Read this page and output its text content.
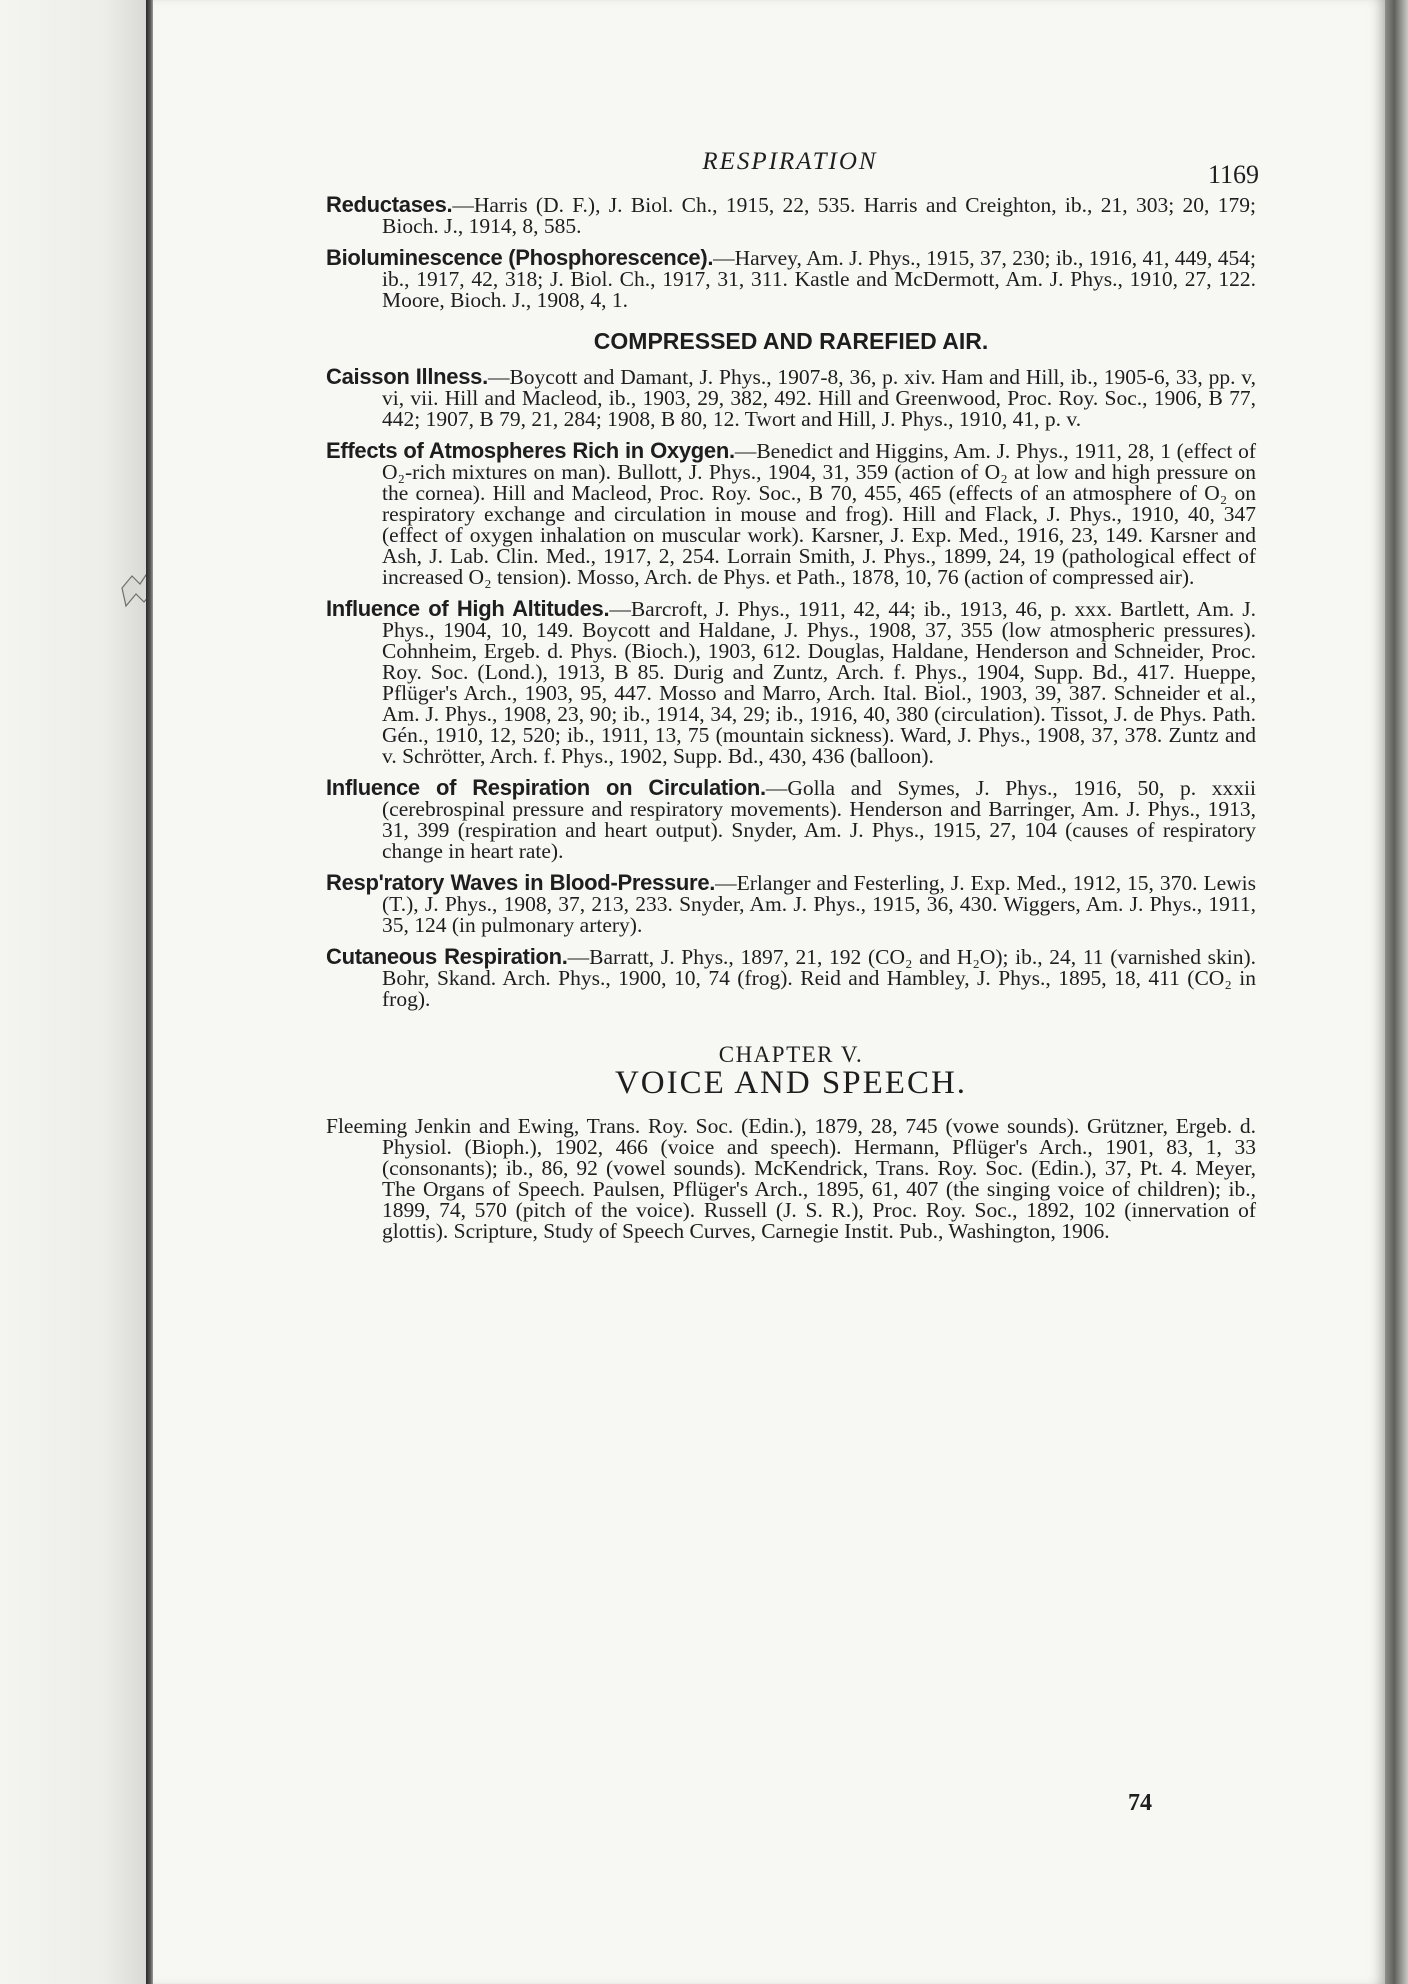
RESPIRATION	1169

Reductases.—Harris (D. F.), J. Biol. Ch., 1915, 22, 535. Harris and Creighton, ib., 21, 303; 20, 179; Bioch. J., 1914, 8, 585.

Bioluminescence (Phosphorescence).—Harvey, Am. J. Phys., 1915, 37, 230; ib., 1916, 41, 449, 454; ib., 1917, 42, 318; J. Biol. Ch., 1917, 31, 311. Kastle and McDermott, Am. J. Phys., 1910, 27, 122. Moore, Bioch. J., 1908, 4, 1.

COMPRESSED AND RAREFIED AIR.

Caisson Illness.—Boycott and Damant, J. Phys., 1907-8, 36, p. xiv. Ham and Hill, ib., 1905-6, 33, pp. v, vi, vii. Hill and Macleod, ib., 1903, 29, 382, 492. Hill and Greenwood, Proc. Roy. Soc., 1906, B 77, 442; 1907, B 79, 21, 284; 1908, B 80, 12. Twort and Hill, J. Phys., 1910, 41, p. v.

Effects of Atmospheres Rich in Oxygen.—Benedict and Higgins, Am. J. Phys., 1911, 28, 1 (effect of O₂-rich mixtures on man). Bullott, J. Phys., 1904, 31, 359 (action of O₂ at low and high pressure on the cornea). Hill and Macleod, Proc. Roy. Soc., B 70, 455, 465 (effects of an atmosphere of O₂ on respiratory exchange and circulation in mouse and frog). Hill and Flack, J. Phys., 1910, 40, 347 (effect of oxygen inhalation on muscular work). Karsner, J. Exp. Med., 1916, 23, 149. Karsner and Ash, J. Lab. Clin. Med., 1917, 2, 254. Lorrain Smith, J. Phys., 1899, 24, 19 (pathological effect of increased O₂ tension). Mosso, Arch. de Phys. et Path., 1878, 10, 76 (action of compressed air).

Influence of High Altitudes.—Barcroft, J. Phys., 1911, 42, 44; ib., 1913, 46, p. xxx. Bartlett, Am. J. Phys., 1904, 10, 149. Boycott and Haldane, J. Phys., 1908, 37, 355 (low atmospheric pressures). Cohnheim, Ergeb. d. Phys. (Bioch.), 1903, 612. Douglas, Haldane, Henderson and Schneider, Proc. Roy. Soc. (Lond.), 1913, B 85. Durig and Zuntz, Arch. f. Phys., 1904, Supp. Bd., 417. Hueppe, Pflüger's Arch., 1903, 95, 447. Mosso and Marro, Arch. Ital. Biol., 1903, 39, 387. Schneider et al., Am. J. Phys., 1908, 23, 90; ib., 1914, 34, 29; ib., 1916, 40, 380 (circulation). Tissot, J. de Phys. Path. Gén., 1910, 12, 520; ib., 1911, 13, 75 (mountain sickness). Ward, J. Phys., 1908, 37, 378. Zuntz and v. Schrötter, Arch. f. Phys., 1902, Supp. Bd., 430, 436 (balloon).

Influence of Respiration on Circulation.—Golla and Symes, J. Phys., 1916, 50, p. xxxii (cerebrospinal pressure and respiratory movements). Henderson and Barringer, Am. J. Phys., 1913, 31, 399 (respiration and heart output). Snyder, Am. J. Phys., 1915, 27, 104 (causes of respiratory change in heart rate).

Resp'ratory Waves in Blood-Pressure.—Erlanger and Festerling, J. Exp. Med., 1912, 15, 370. Lewis (T.), J. Phys., 1908, 37, 213, 233. Snyder, Am. J. Phys., 1915, 36, 430. Wiggers, Am. J. Phys., 1911, 35, 124 (in pulmonary artery).

Cutaneous Respiration.—Barratt, J. Phys., 1897, 21, 192 (CO₂ and H₂O); ib., 24, 11 (varnished skin). Bohr, Skand. Arch. Phys., 1900, 10, 74 (frog). Reid and Hambley, J. Phys., 1895, 18, 411 (CO₂ in frog).

CHAPTER V.
VOICE AND SPEECH.

Fleeming Jenkin and Ewing, Trans. Roy. Soc. (Edin.), 1879, 28, 745 (vowe sounds). Grützner, Ergeb. d. Physiol. (Bioph.), 1902, 466 (voice and speech). Hermann, Pflüger's Arch., 1901, 83, 1, 33 (consonants); ib., 86, 92 (vowel sounds). McKendrick, Trans. Roy. Soc. (Edin.), 37, Pt. 4. Meyer, The Organs of Speech. Paulsen, Pflüger's Arch., 1895, 61, 407 (the singing voice of children); ib., 1899, 74, 570 (pitch of the voice). Russell (J. S. R.), Proc. Roy. Soc., 1892, 102 (innervation of glottis). Scripture, Study of Speech Curves, Carnegie Instit. Pub., Washington, 1906.

74
